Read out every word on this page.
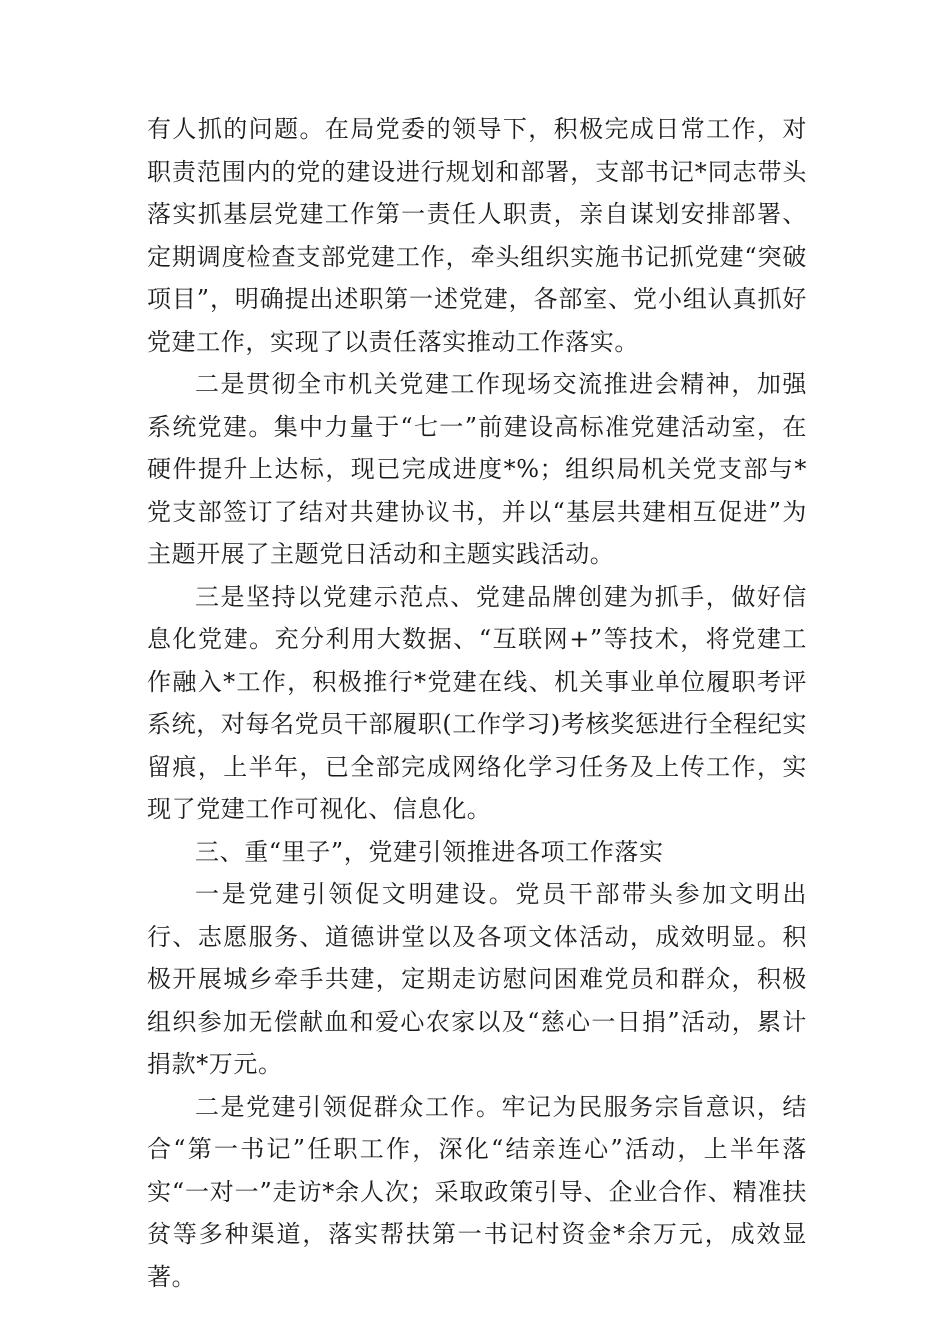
有人抓的问题。在局党委的领导下，积极完成日常工作，对职责范围内的党的建设进行规划和部署，支部书记*同志带头落实抓基层党建工作第一责任人职责，亲自谋划安排部署、定期调度检查支部党建工作，牵头组织实施书记抓党建“突破项目”，明确提出述职第一述党建，各部室、党小组认真抓好党建工作，实现了以责任落实推动工作落实。

二是贯彻全市机关党建工作现场交流推进会精神，加强系统党建。集中力量于“七一”前建设高标准党建活动室，在硬件提升上达标，现已完成进度*%；组织局机关党支部与*党支部签订了结对共建协议书，并以“基层共建相互促进”为主题开展了主题党日活动和主题实践活动。

三是坚持以党建示范点、党建品牌创建为抓手，做好信息化党建。充分利用大数据、“互联网+”等技术，将党建工作融入*工作，积极推行*党建在线、机关事业单位履职考评系统，对每名党员干部履职(工作学习)考核奖惩进行全程纪实留痕，上半年，已全部完成网络化学习任务及上传工作，实现了党建工作可视化、信息化。

三、重“里子”，党建引领推进各项工作落实

一是党建引领促文明建设。党员干部带头参加文明出行、志愿服务、道德讲堂以及各项文体活动，成效明显。积极开展城乡牵手共建，定期走访慰问困难党员和群众，积极组织参加无偿献血和爱心农家以及“慈心一日捐”活动，累计捐款*万元。

二是党建引领促群众工作。牢记为民服务宗旨意识，结合“第一书记”任职工作，深化“结亲连心”活动，上半年落实“一对一”走访*余人次；采取政策引导、企业合作、精准扶贫等多种渠道，落实帮扶第一书记村资金*余万元，成效显著。
